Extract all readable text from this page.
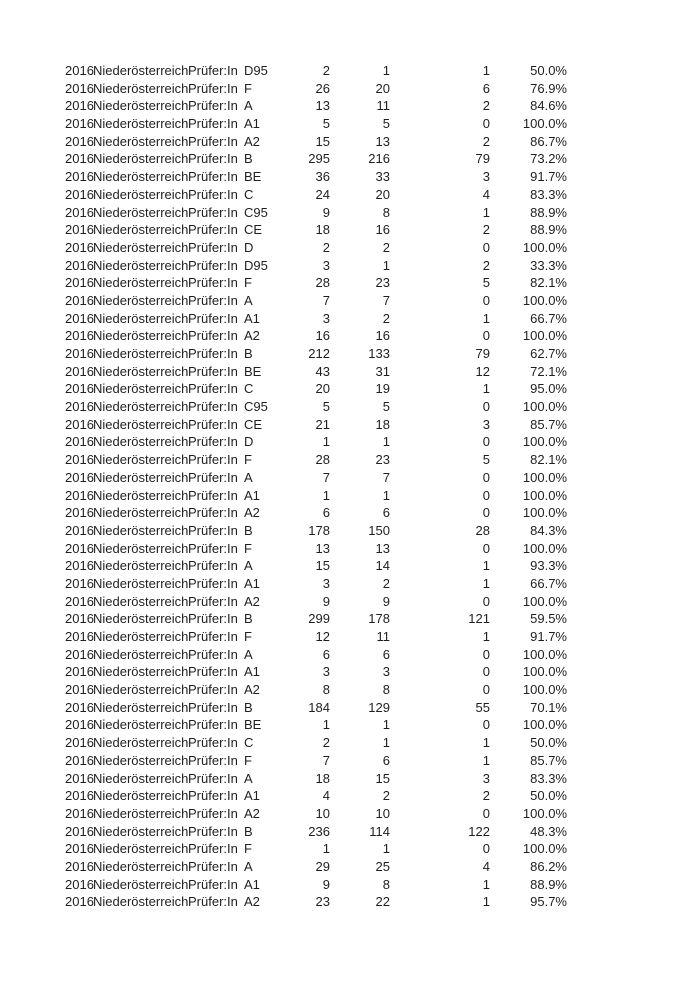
2016 Niederösterreich Prüfer:In D95	2	1	1	50.0%
2016 Niederösterreich Prüfer:In F	26	20	6	76.9%
2016 Niederösterreich Prüfer:In A	13	11	2	84.6%
2016 Niederösterreich Prüfer:In A1	5	5	0	100.0%
2016 Niederösterreich Prüfer:In A2	15	13	2	86.7%
2016 Niederösterreich Prüfer:In B	295	216	79	73.2%
2016 Niederösterreich Prüfer:In BE	36	33	3	91.7%
2016 Niederösterreich Prüfer:In C	24	20	4	83.3%
2016 Niederösterreich Prüfer:In C95	9	8	1	88.9%
2016 Niederösterreich Prüfer:In CE	18	16	2	88.9%
2016 Niederösterreich Prüfer:In D	2	2	0	100.0%
2016 Niederösterreich Prüfer:In D95	3	1	2	33.3%
2016 Niederösterreich Prüfer:In F	28	23	5	82.1%
2016 Niederösterreich Prüfer:In A	7	7	0	100.0%
2016 Niederösterreich Prüfer:In A1	3	2	1	66.7%
2016 Niederösterreich Prüfer:In A2	16	16	0	100.0%
2016 Niederösterreich Prüfer:In B	212	133	79	62.7%
2016 Niederösterreich Prüfer:In BE	43	31	12	72.1%
2016 Niederösterreich Prüfer:In C	20	19	1	95.0%
2016 Niederösterreich Prüfer:In C95	5	5	0	100.0%
2016 Niederösterreich Prüfer:In CE	21	18	3	85.7%
2016 Niederösterreich Prüfer:In D	1	1	0	100.0%
2016 Niederösterreich Prüfer:In F	28	23	5	82.1%
2016 Niederösterreich Prüfer:In A	7	7	0	100.0%
2016 Niederösterreich Prüfer:In A1	1	1	0	100.0%
2016 Niederösterreich Prüfer:In A2	6	6	0	100.0%
2016 Niederösterreich Prüfer:In B	178	150	28	84.3%
2016 Niederösterreich Prüfer:In F	13	13	0	100.0%
2016 Niederösterreich Prüfer:In A	15	14	1	93.3%
2016 Niederösterreich Prüfer:In A1	3	2	1	66.7%
2016 Niederösterreich Prüfer:In A2	9	9	0	100.0%
2016 Niederösterreich Prüfer:In B	299	178	121	59.5%
2016 Niederösterreich Prüfer:In F	12	11	1	91.7%
2016 Niederösterreich Prüfer:In A	6	6	0	100.0%
2016 Niederösterreich Prüfer:In A1	3	3	0	100.0%
2016 Niederösterreich Prüfer:In A2	8	8	0	100.0%
2016 Niederösterreich Prüfer:In B	184	129	55	70.1%
2016 Niederösterreich Prüfer:In BE	1	1	0	100.0%
2016 Niederösterreich Prüfer:In C	2	1	1	50.0%
2016 Niederösterreich Prüfer:In F	7	6	1	85.7%
2016 Niederösterreich Prüfer:In A	18	15	3	83.3%
2016 Niederösterreich Prüfer:In A1	4	2	2	50.0%
2016 Niederösterreich Prüfer:In A2	10	10	0	100.0%
2016 Niederösterreich Prüfer:In B	236	114	122	48.3%
2016 Niederösterreich Prüfer:In F	1	1	0	100.0%
2016 Niederösterreich Prüfer:In A	29	25	4	86.2%
2016 Niederösterreich Prüfer:In A1	9	8	1	88.9%
2016 Niederösterreich Prüfer:In A2	23	22	1	95.7%
